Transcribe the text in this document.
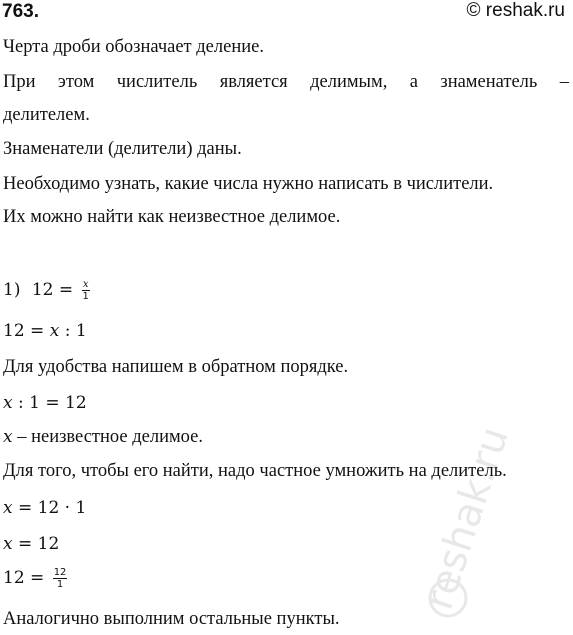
763.	© reshak.ru
Черта дроби обозначает деление.
При этом числитель является делимым, а знаменатель –
делителем.
Знаменатели (делители) даны.
Необходимо узнать, какие числа нужно написать в числители.
Их можно найти как неизвестное делимое.
1) $12 = \frac{x}{1}$
12 = x : 1
Для удобства напишем в обратном порядке.
x : 1 = 12
x – неизвестное делимое.
Для того, чтобы его найти, надо частное умножить на делитель.
x = 12 · 1
x = 12
$12 = \frac{12}{1}$
Аналогично выполним остальные пункты.
reshak.ru
